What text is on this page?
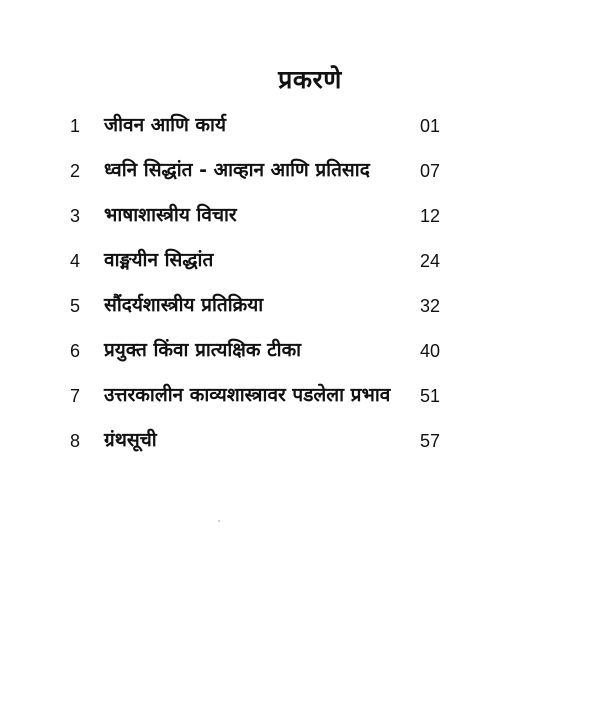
प्रकरणे
1 जीवन आणि कार्य	01
2 ध्वनि सिद्धांत - आव्हान आणि प्रतिसाद	07
3 भाषाशास्त्रीय विचार	12
4 वाङ्मयीन सिद्धांत	24
5 सौंदर्यशास्त्रीय प्रतिक्रिया	32
6 प्रयुक्त किंवा प्रात्यक्षिक टीका	40
7 उत्तरकालीन काव्यशास्त्रावर पडलेला प्रभाव	51
8 ग्रंथसूची	57
